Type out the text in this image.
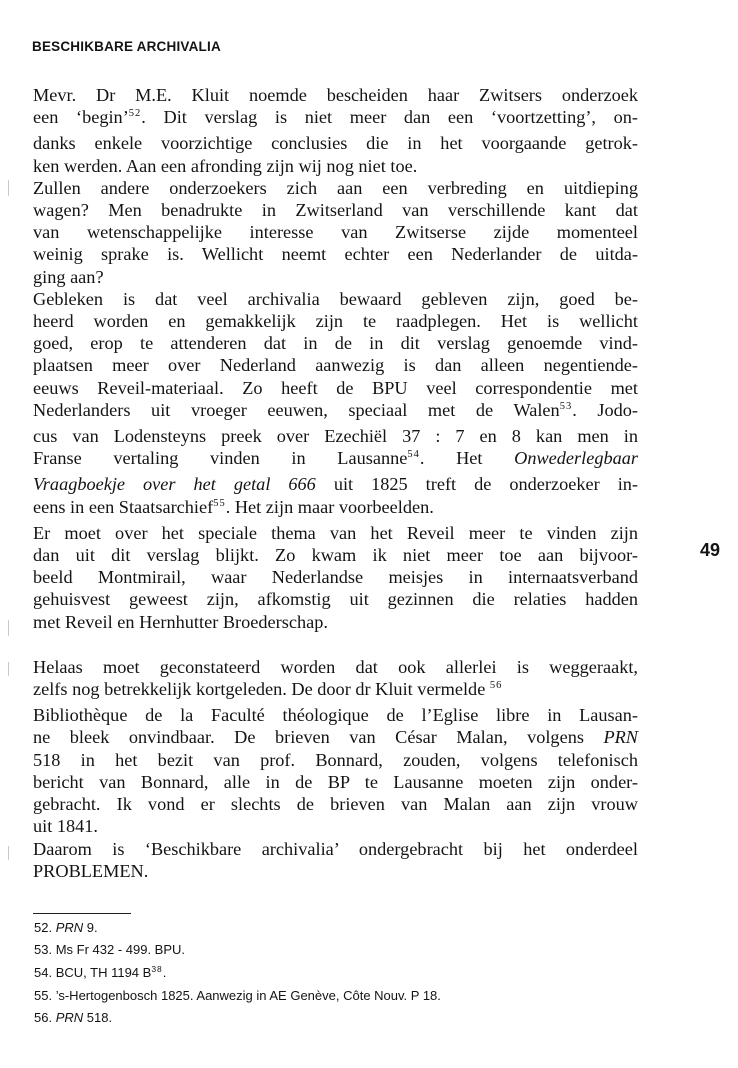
BESCHIKBARE ARCHIVALIA
Mevr. Dr M.E. Kluit noemde bescheiden haar Zwitsers onderzoek
een ‘begin’$^{52}$. Dit verslag is niet meer dan een ‘voortzetting’, on-
danks enkele voorzichtige conclusies die in het voorgaande getrok-
ken werden. Aan een afronding zijn wij nog niet toe.
Zullen andere onderzoekers zich aan een verbreding en uitdieping
wagen? Men benadrukte in Zwitserland van verschillende kant dat
van wetenschappelijke interesse van Zwitserse zijde momenteel
weinig sprake is. Wellicht neemt echter een Nederlander de uitda-
ging aan?
Gebleken is dat veel archivalia bewaard gebleven zijn, goed be-
heerd worden en gemakkelijk zijn te raadplegen. Het is wellicht
goed, erop te attenderen dat in de in dit verslag genoemde vind-
plaatsen meer over Nederland aanwezig is dan alleen negentiende-
eeuws Reveil-materiaal. Zo heeft de BPU veel correspondentie met
Nederlanders uit vroeger eeuwen, speciaal met de Walen$^{53}$. Jodo-
cus van Lodensteyns preek over Ezechiël 37 : 7 en 8 kan men in
Franse vertaling vinden in Lausanne$^{54}$. Het Onwederlegbaar
Vraagboekje over het getal 666 uit 1825 treft de onderzoeker in-
eens in een Staatsarchief$^{55}$. Het zijn maar voorbeelden.
Er moet over het speciale thema van het Reveil meer te vinden zijn
dan uit dit verslag blijkt. Zo kwam ik niet meer toe aan bijvoor-
beeld Montmirail, waar Nederlandse meisjes in internaatsverband
gehuisvest geweest zijn, afkomstig uit gezinnen die relaties hadden
met Reveil en Hernhutter Broederschap.
Helaas moet geconstateerd worden dat ook allerlei is weggeraakt,
zelfs nog betrekkelijk kortgeleden. De door dr Kluit vermelde $^{56}$
Bibliothèque de la Faculté théologique de l’Eglise libre in Lausan-
ne bleek onvindbaar. De brieven van César Malan, volgens PRN
518 in het bezit van prof. Bonnard, zouden, volgens telefonisch
bericht van Bonnard, alle in de BP te Lausanne moeten zijn onder-
gebracht. Ik vond er slechts de brieven van Malan aan zijn vrouw
uit 1841.
Daarom is ‘Beschikbare archivalia’ ondergebracht bij het onderdeel
PROBLEMEN.
49
52. PRN 9.
53. Ms Fr 432 - 499. BPU.
54. BCU, TH 1194 $B^{38}$.
55. ’s-Hertogenbosch 1825. Aanwezig in AE Genève, Côte Nouv. P 18.
56. PRN 518.
